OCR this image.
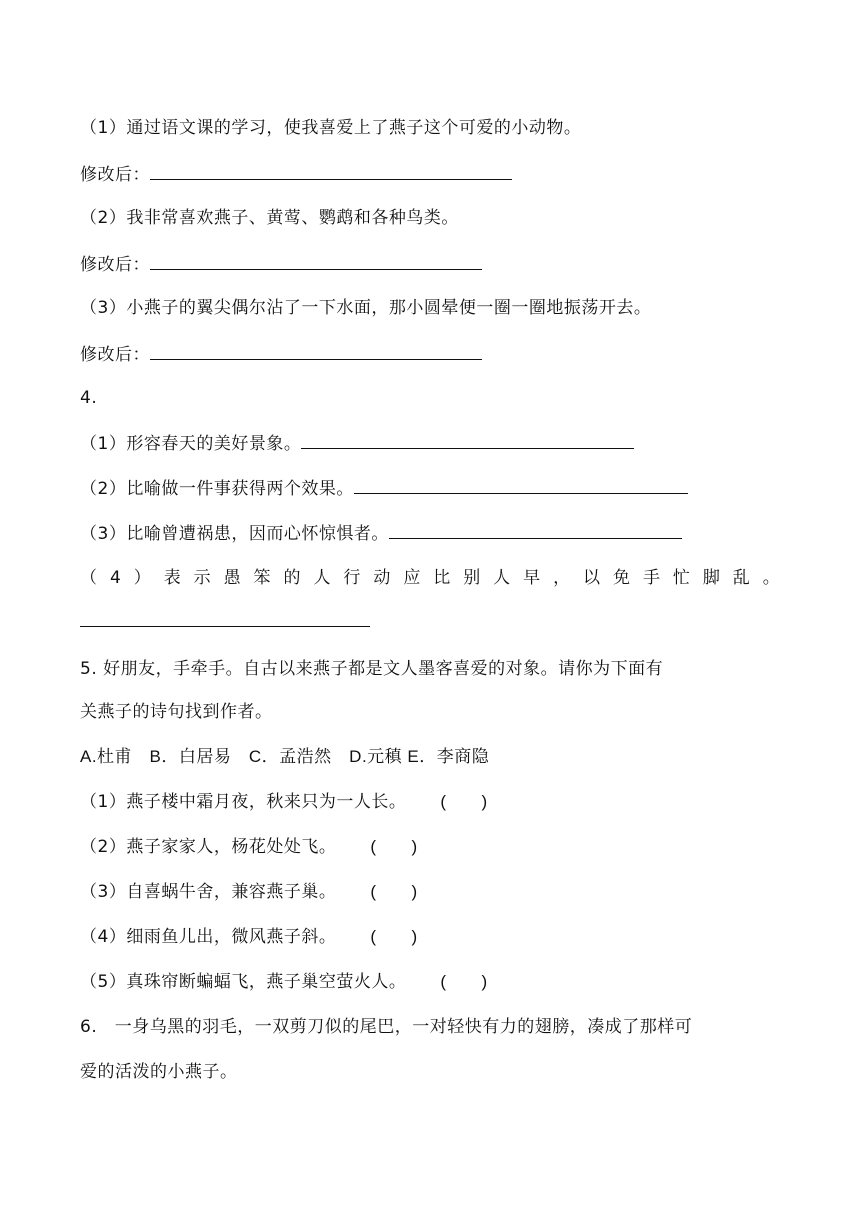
（1）通过语文课的学习，使我喜爱上了燕子这个可爱的小动物。
修改后：
（2）我非常喜欢燕子、黄莺、鹦鹉和各种鸟类。
修改后：
（3）小燕子的翼尖偶尔沾了一下水面，那小圆晕便一圈一圈地振荡开去。
修改后：
4.
（1）形容春天的美好景象。
（2）比喻做一件事获得两个效果。
（3）比喻曾遭祸患，因而心怀惊惧者。
（ 4 ） 表 示 愚 笨 的 人 行 动 应 比 别 人 早 ， 以 免 手 忙 脚 乱 。
5. 好朋友，手牵手。自古以来燕子都是文人墨客喜爱的对象。请你为下面有
关燕子的诗句找到作者。
A.杜甫　B．白居易　C．孟浩然　D.元稹 E．李商隐
（1）燕子楼中霜月夜，秋来只为一人长。 (　　)
（2）燕子家家人，杨花处处飞。 (　　)
（3）自喜蜗牛舍，兼容燕子巢。 (　　)
（4）细雨鱼儿出，微风燕子斜。 (　　)
（5）真珠帘断蝙蝠飞，燕子巢空萤火人。 (　　)
6.　一身乌黑的羽毛，一双剪刀似的尾巴，一对轻快有力的翅膀，凑成了那样可
爱的活泼的小燕子。
